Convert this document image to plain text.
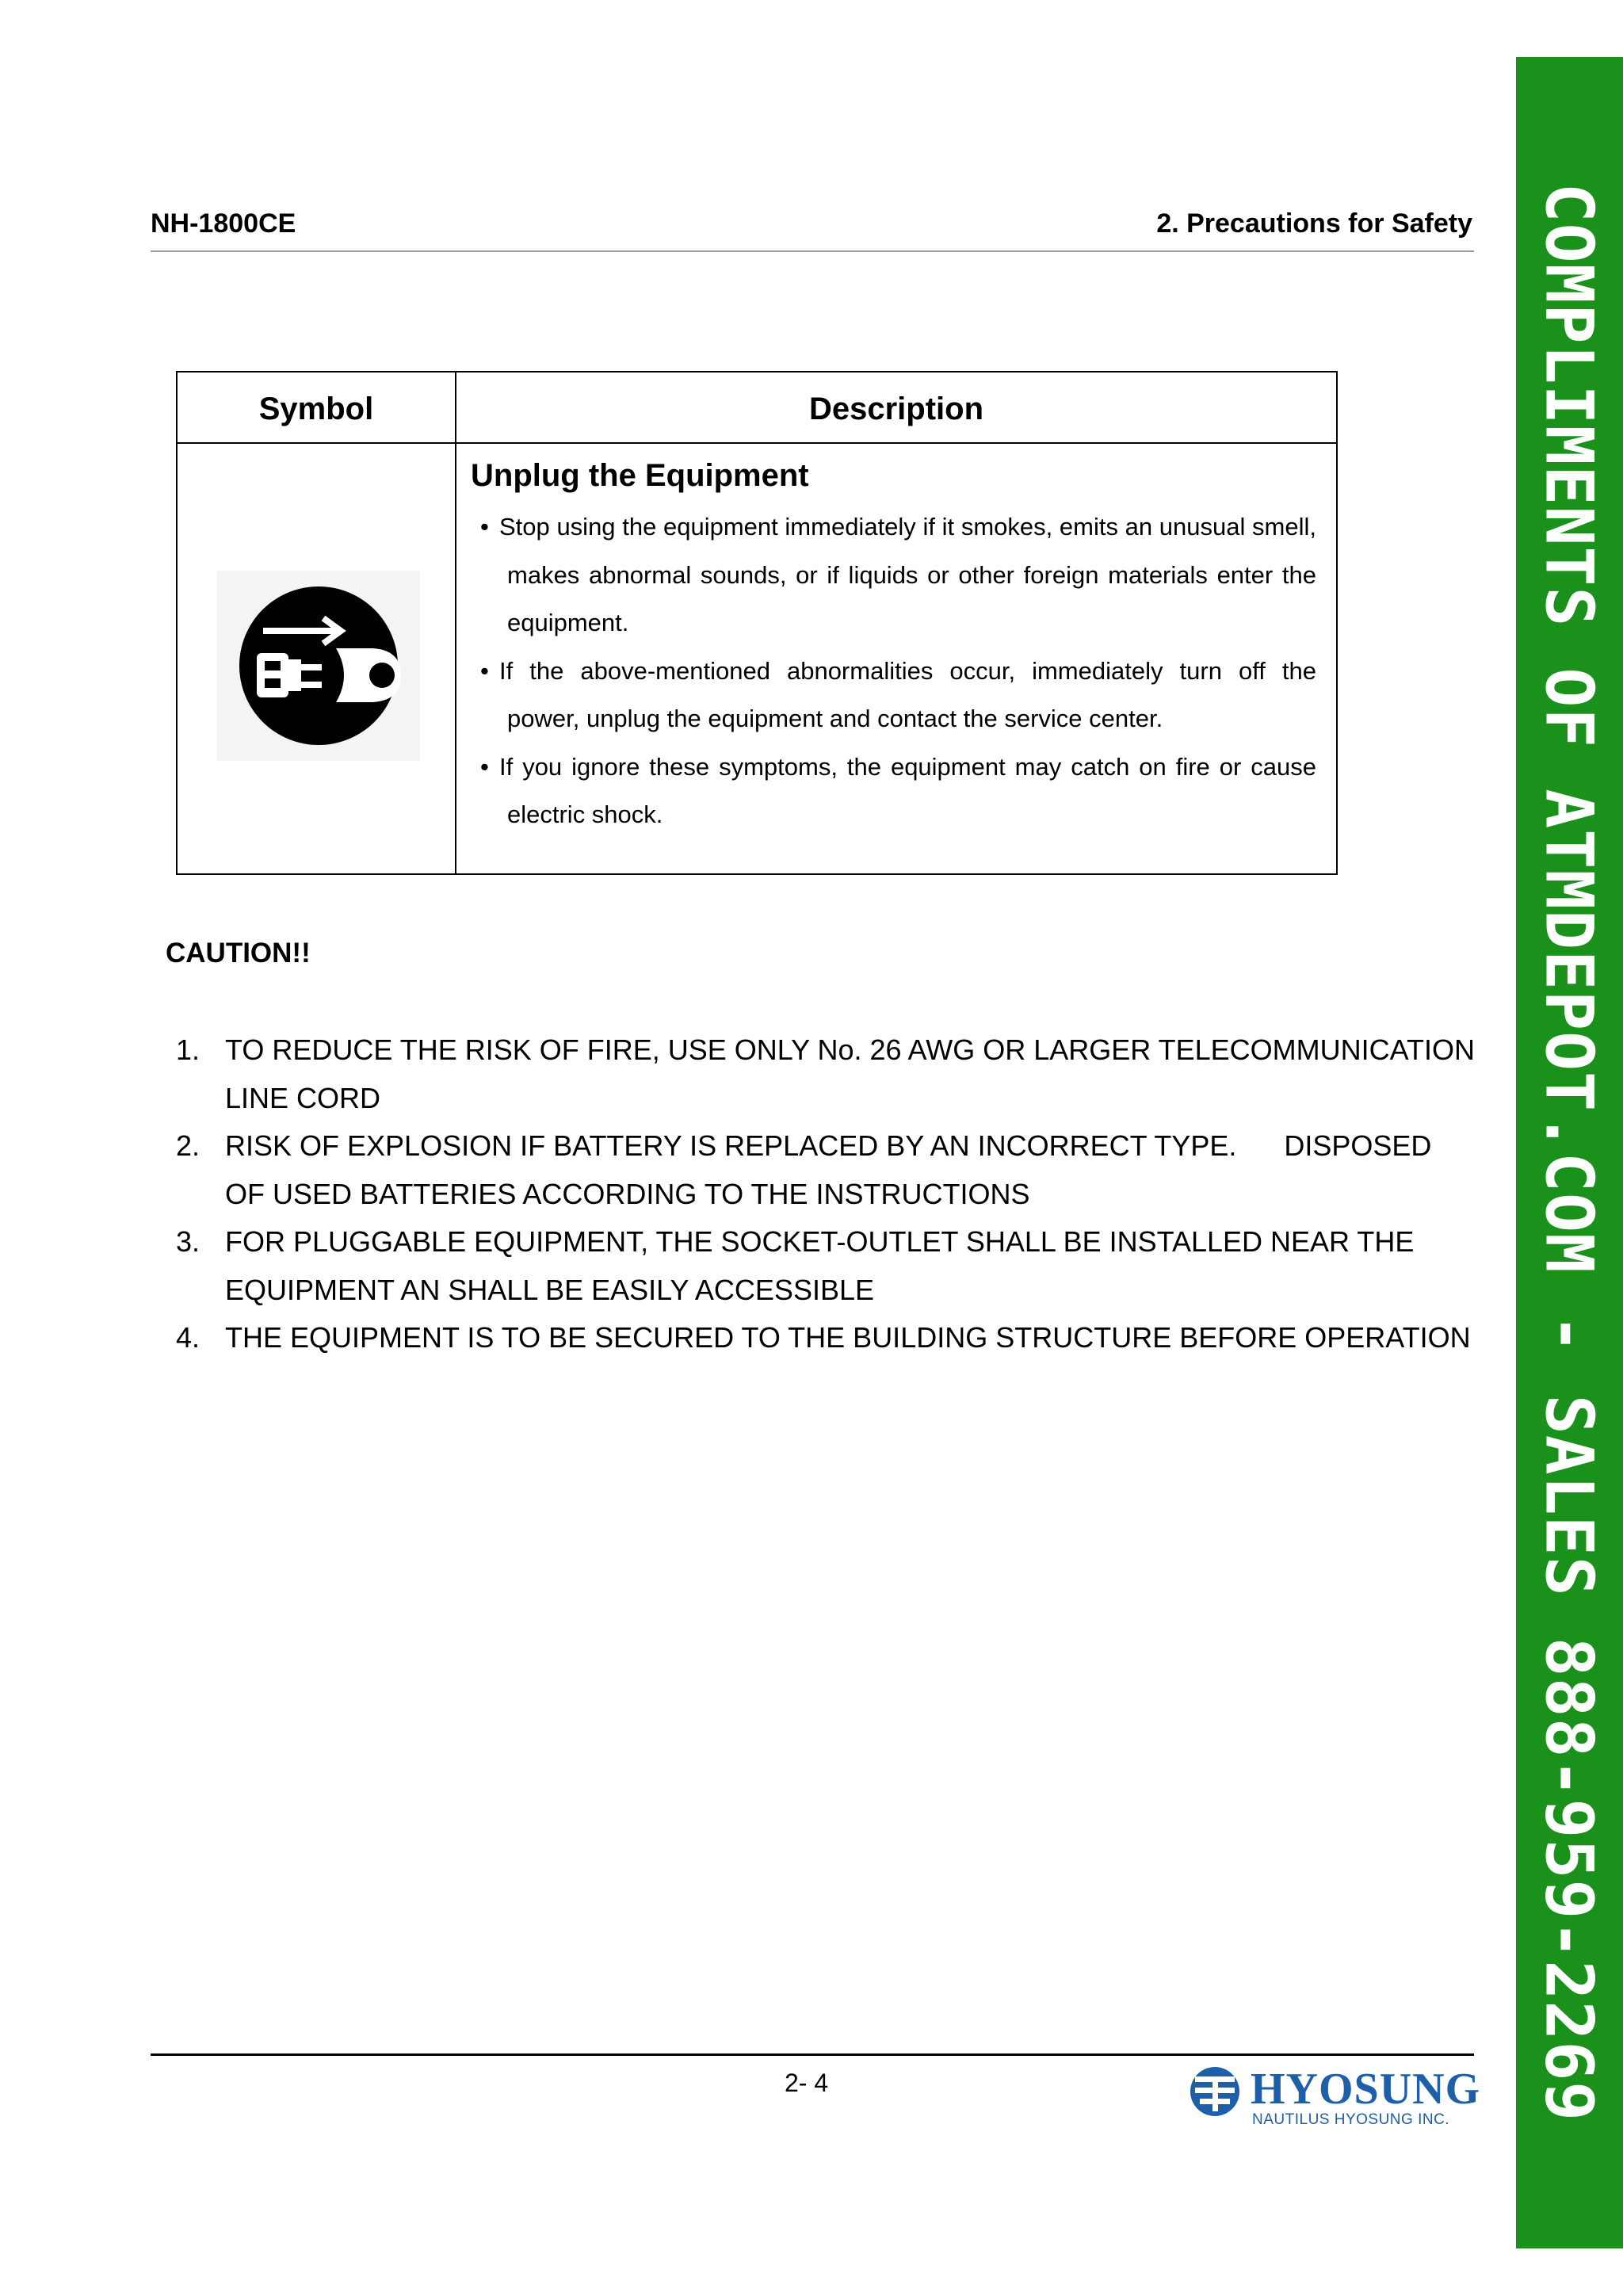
NH-1800CE	2. Precautions for Safety
Symbol	Description
Unplug the Equipment
• Stop using the equipment immediately if it smokes, emits an unusual smell, makes abnormal sounds, or if liquids or other foreign materials enter the equipment.
• If the above-mentioned abnormalities occur, immediately turn off the power, unplug the equipment and contact the service center.
• If you ignore these symptoms, the equipment may catch on fire or cause electric shock.
CAUTION!!
1. TO REDUCE THE RISK OF FIRE, USE ONLY No. 26 AWG OR LARGER TELECOMMUNICATION LINE CORD
2. RISK OF EXPLOSION IF BATTERY IS REPLACED BY AN INCORRECT TYPE.      DISPOSED OF USED BATTERIES ACCORDING TO THE INSTRUCTIONS
3. FOR PLUGGABLE EQUIPMENT, THE SOCKET-OUTLET SHALL BE INSTALLED NEAR THE EQUIPMENT AN SHALL BE EASILY ACCESSIBLE
4. THE EQUIPMENT IS TO BE SECURED TO THE BUILDING STRUCTURE BEFORE OPERATION
2- 4	HYOSUNG
NAUTILUS HYOSUNG INC. COMPLIMENTS OF ATMDEPOT.COM - SALES 888-959-2269
